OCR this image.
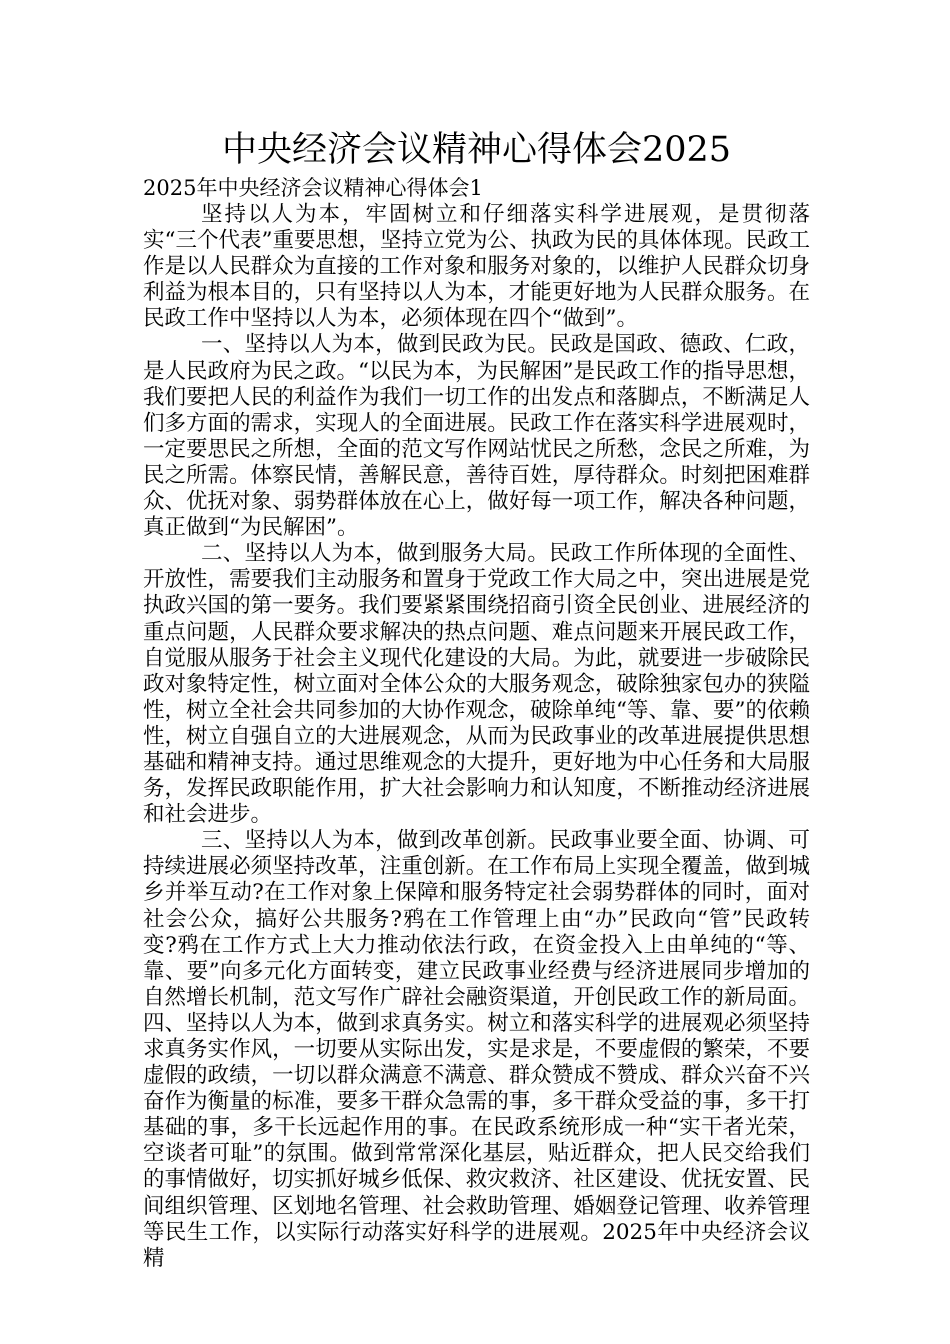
中央经济会议精神心得体会2025

2025年中央经济会议精神心得体会1

坚持以人为本，牢固树立和仔细落实科学进展观，是贯彻落实“三个代表”重要思想，坚持立党为公、执政为民的具体体现。民政工作是以人民群众为直接的工作对象和服务对象的，以维护人民群众切身利益为根本目的，只有坚持以人为本，才能更好地为人民群众服务。在民政工作中坚持以人为本，必须体现在四个“做到”。

一、坚持以人为本，做到民政为民。民政是国政、德政、仁政，是人民政府为民之政。“以民为本，为民解困”是民政工作的指导思想，我们要把人民的利益作为我们一切工作的出发点和落脚点，不断满足人们多方面的需求，实现人的全面进展。民政工作在落实科学进展观时，一定要思民之所想，全面的范文写作网站忧民之所愁，念民之所难，为民之所需。体察民情，善解民意，善待百姓，厚待群众。时刻把困难群众、优抚对象、弱势群体放在心上，做好每一项工作，解决各种问题，真正做到“为民解困”。

二、坚持以人为本，做到服务大局。民政工作所体现的全面性、开放性，需要我们主动服务和置身于党政工作大局之中，突出进展是党执政兴国的第一要务。我们要紧紧围绕招商引资全民创业、进展经济的重点问题，人民群众要求解决的热点问题、难点问题来开展民政工作，自觉服从服务于社会主义现代化建设的大局。为此，就要进一步破除民政对象特定性，树立面对全体公众的大服务观念，破除独家包办的狭隘性，树立全社会共同参加的大协作观念，破除单纯“等、靠、要”的依赖性，树立自强自立的大进展观念，从而为民政事业的改革进展提供思想基础和精神支持。通过思维观念的大提升，更好地为中心任务和大局服务，发挥民政职能作用，扩大社会影响力和认知度，不断推动经济进展和社会进步。

三、坚持以人为本，做到改革创新。民政事业要全面、协调、可持续进展必须坚持改革，注重创新。在工作布局上实现全覆盖，做到城乡并举互动?在工作对象上保障和服务特定社会弱势群体的同时，面对社会公众，搞好公共服务?鸦在工作管理上由“办”民政向“管”民政转变?鸦在工作方式上大力推动依法行政，在资金投入上由单纯的“等、靠、要”向多元化方面转变，建立民政事业经费与经济进展同步增加的自然增长机制，范文写作广辟社会融资渠道，开创民政工作的新局面。四、坚持以人为本，做到求真务实。树立和落实科学的进展观必须坚持求真务实作风，一切要从实际出发，实是求是，不要虚假的繁荣，不要虚假的政绩，一切以群众满意不满意、群众赞成不赞成、群众兴奋不兴奋作为衡量的标准，要多干群众急需的事，多干群众受益的事，多干打基础的事，多干长远起作用的事。在民政系统形成一种“实干者光荣，空谈者可耻”的氛围。做到常常深化基层，贴近群众，把人民交给我们的事情做好，切实抓好城乡低保、救灾救济、社区建设、优抚安置、民间组织管理、区划地名管理、社会救助管理、婚姻登记管理、收养管理等民生工作，以实际行动落实好科学的进展观。2025年中央经济会议精
